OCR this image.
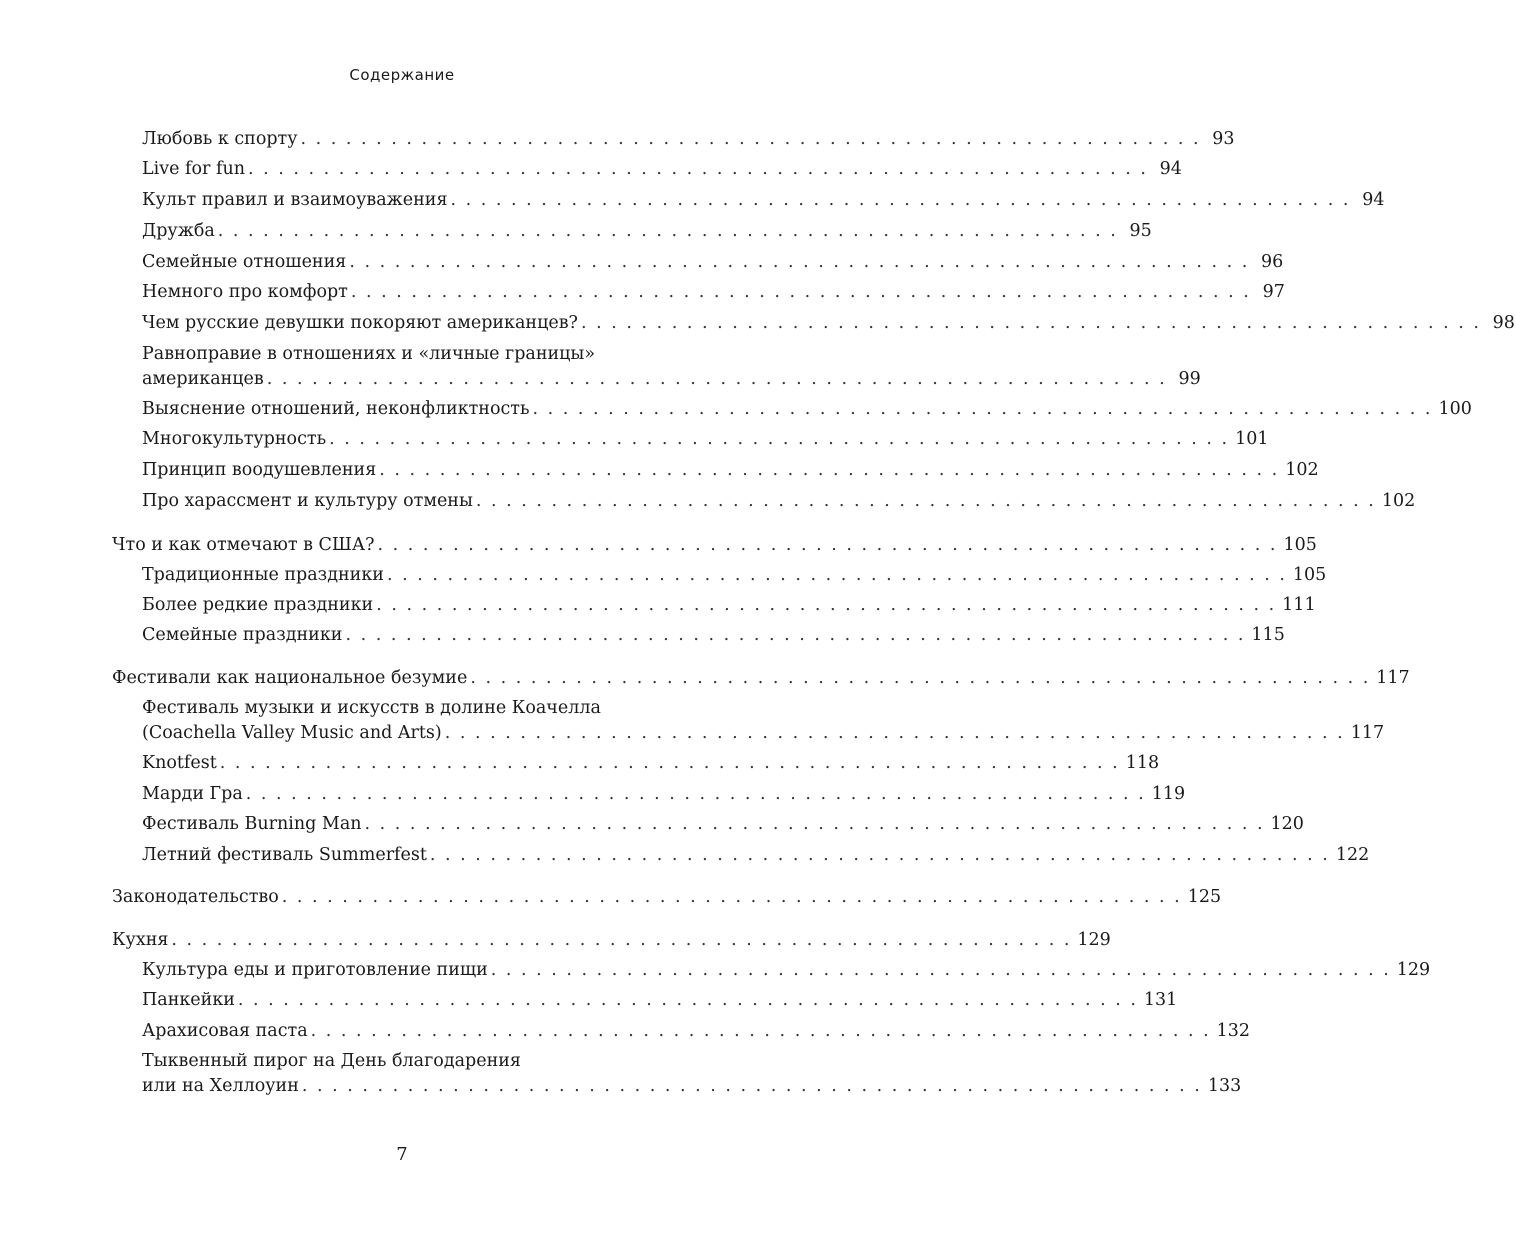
Содержание
Любовь к спорту . . . . . . . . . . . . . . . . . . . . . . . . . . . . . . . . . . . . . . . . . . . . . . . . . . . . . . . . . . . . 93
Live for fun . . . . . . . . . . . . . . . . . . . . . . . . . . . . . . . . . . . . . . . . . . . . . . . . . . . . . . . . . . . . 94
Культ правил и взаимоуважения . . . . . . . . . . . . . . . . . . . . . . . . . . . . . . . . . . . . . . . . . . . . . . . . . . . . . . . . . . . . 94
Дружба . . . . . . . . . . . . . . . . . . . . . . . . . . . . . . . . . . . . . . . . . . . . . . . . . . . . . . . . . . . . 95
Семейные отношения . . . . . . . . . . . . . . . . . . . . . . . . . . . . . . . . . . . . . . . . . . . . . . . . . . . . . . . . . . . . 96
Немного про комфорт . . . . . . . . . . . . . . . . . . . . . . . . . . . . . . . . . . . . . . . . . . . . . . . . . . . . . . . . . . . . 97
Чем русские девушки покоряют американцев? . . . . . . . . . . . . . . . . . . . . . . . . . . . . . . . . . . . . . . . . . . . . . . . . . . . . . . . . . . . . 98
Равноправие в отношениях и «личные границы»
американцев . . . . . . . . . . . . . . . . . . . . . . . . . . . . . . . . . . . . . . . . . . . . . . . . . . . . . . . . . . . . 99
Выяснение отношений, неконфликтность . . . . . . . . . . . . . . . . . . . . . . . . . . . . . . . . . . . . . . . . . . . . . . . . . . . . . . . . . . . . 100
Многокультурность . . . . . . . . . . . . . . . . . . . . . . . . . . . . . . . . . . . . . . . . . . . . . . . . . . . . . . . . . . . . 101
Принцип воодушевления . . . . . . . . . . . . . . . . . . . . . . . . . . . . . . . . . . . . . . . . . . . . . . . . . . . . . . . . . . . . 102
Про харассмент и культуру отмены . . . . . . . . . . . . . . . . . . . . . . . . . . . . . . . . . . . . . . . . . . . . . . . . . . . . . . . . . . . . 102
Что и как отмечают в США? . . . . . . . . . . . . . . . . . . . . . . . . . . . . . . . . . . . . . . . . . . . . . . . . . . . . . . . . . . . . 105
Традиционные праздники . . . . . . . . . . . . . . . . . . . . . . . . . . . . . . . . . . . . . . . . . . . . . . . . . . . . . . . . . . . . 105
Более редкие праздники . . . . . . . . . . . . . . . . . . . . . . . . . . . . . . . . . . . . . . . . . . . . . . . . . . . . . . . . . . . . 111
Семейные праздники . . . . . . . . . . . . . . . . . . . . . . . . . . . . . . . . . . . . . . . . . . . . . . . . . . . . . . . . . . . . 115
Фестивали как национальное безумие . . . . . . . . . . . . . . . . . . . . . . . . . . . . . . . . . . . . . . . . . . . . . . . . . . . . . . . . . . . . 117
Фестиваль музыки и искусств в долине Коачелла
(Coachella Valley Music and Arts) . . . . . . . . . . . . . . . . . . . . . . . . . . . . . . . . . . . . . . . . . . . . . . . . . . . . . . . . . . . . 117
Knotfest . . . . . . . . . . . . . . . . . . . . . . . . . . . . . . . . . . . . . . . . . . . . . . . . . . . . . . . . . . . . 118
Марди Гра . . . . . . . . . . . . . . . . . . . . . . . . . . . . . . . . . . . . . . . . . . . . . . . . . . . . . . . . . . . . 119
Фестиваль Burning Man . . . . . . . . . . . . . . . . . . . . . . . . . . . . . . . . . . . . . . . . . . . . . . . . . . . . . . . . . . . . 120
Летний фестиваль Summerfest . . . . . . . . . . . . . . . . . . . . . . . . . . . . . . . . . . . . . . . . . . . . . . . . . . . . . . . . . . . . 122
Законодательство . . . . . . . . . . . . . . . . . . . . . . . . . . . . . . . . . . . . . . . . . . . . . . . . . . . . . . . . . . . . 125
Кухня . . . . . . . . . . . . . . . . . . . . . . . . . . . . . . . . . . . . . . . . . . . . . . . . . . . . . . . . . . . . 129
Культура еды и приготовление пищи . . . . . . . . . . . . . . . . . . . . . . . . . . . . . . . . . . . . . . . . . . . . . . . . . . . . . . . . . . . . 129
Панкейки . . . . . . . . . . . . . . . . . . . . . . . . . . . . . . . . . . . . . . . . . . . . . . . . . . . . . . . . . . . . 131
Арахисовая паста . . . . . . . . . . . . . . . . . . . . . . . . . . . . . . . . . . . . . . . . . . . . . . . . . . . . . . . . . . . . 132
Тыквенный пирог на День благодарения
или на Хеллоуин . . . . . . . . . . . . . . . . . . . . . . . . . . . . . . . . . . . . . . . . . . . . . . . . . . . . . . . . . . . . 133
7
